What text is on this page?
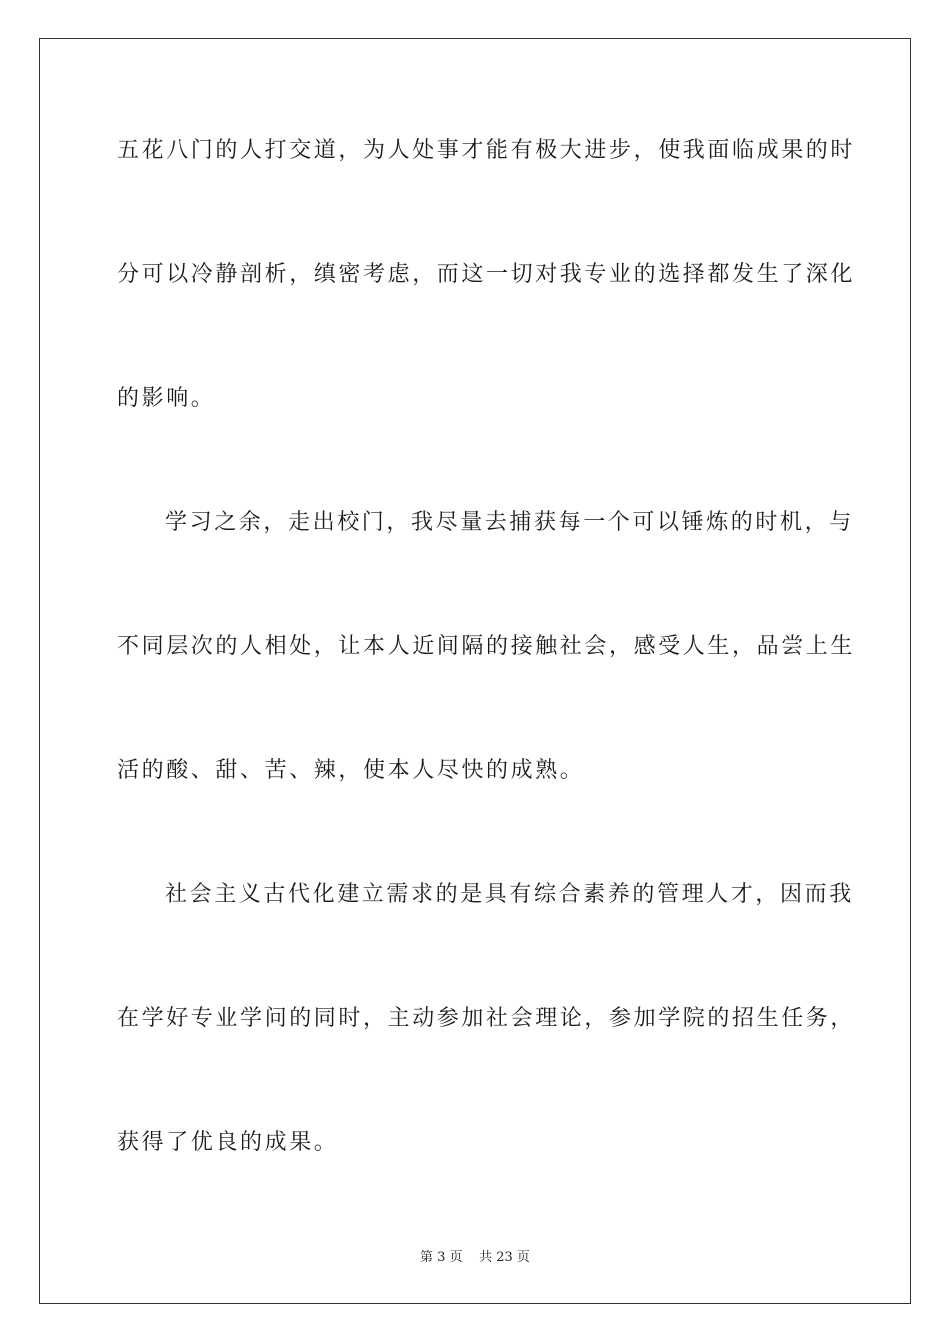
五花八门的人打交道，为人处事才能有极大进步，使我面临成果的时
分可以冷静剖析，缜密考虑，而这一切对我专业的选择都发生了深化
的影响。
学习之余，走出校门，我尽量去捕获每一个可以锤炼的时机，与
不同层次的人相处，让本人近间隔的接触社会，感受人生，品尝上生
活的酸、甜、苦、辣，使本人尽快的成熟。
社会主义古代化建立需求的是具有综合素养的管理人才，因而我
在学好专业学问的同时，主动参加社会理论，参加学院的招生任务，
获得了优良的成果。
第 3 页 共 23 页
